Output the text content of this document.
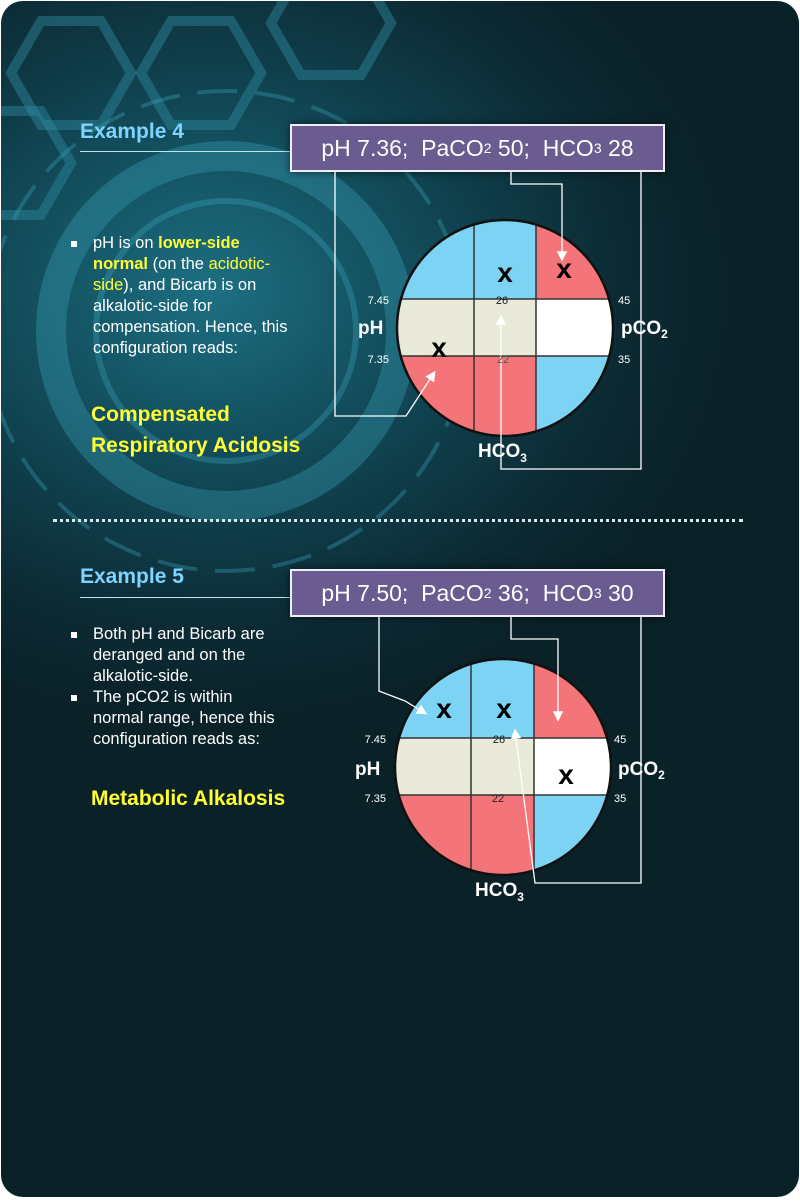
Example 4
pH 7.36;
PaCO 2 50;
HCO 3 28
pH is on lower-side normal (on the acidotic-side), and Bicarb is on alkalotic-side for compensation. Hence, this configuration reads:
Compensated
Respiratory Acidosis
7.45
7.35
26
22
45
35
pH	pCO$_2$
$HCO_3$
x x
x
Example 5
pH 7.50;
PaCO 2 36;
HCO 3 30
Both pH and Bicarb are deranged and on the alkalotic-side.
The pCO2 is within normal range, hence this configuration reads as:
Metabolic Alkalosis
7.45
7.35
26
22
45
35
pH	pCO$_2$
$HCO_3$
x x
x
